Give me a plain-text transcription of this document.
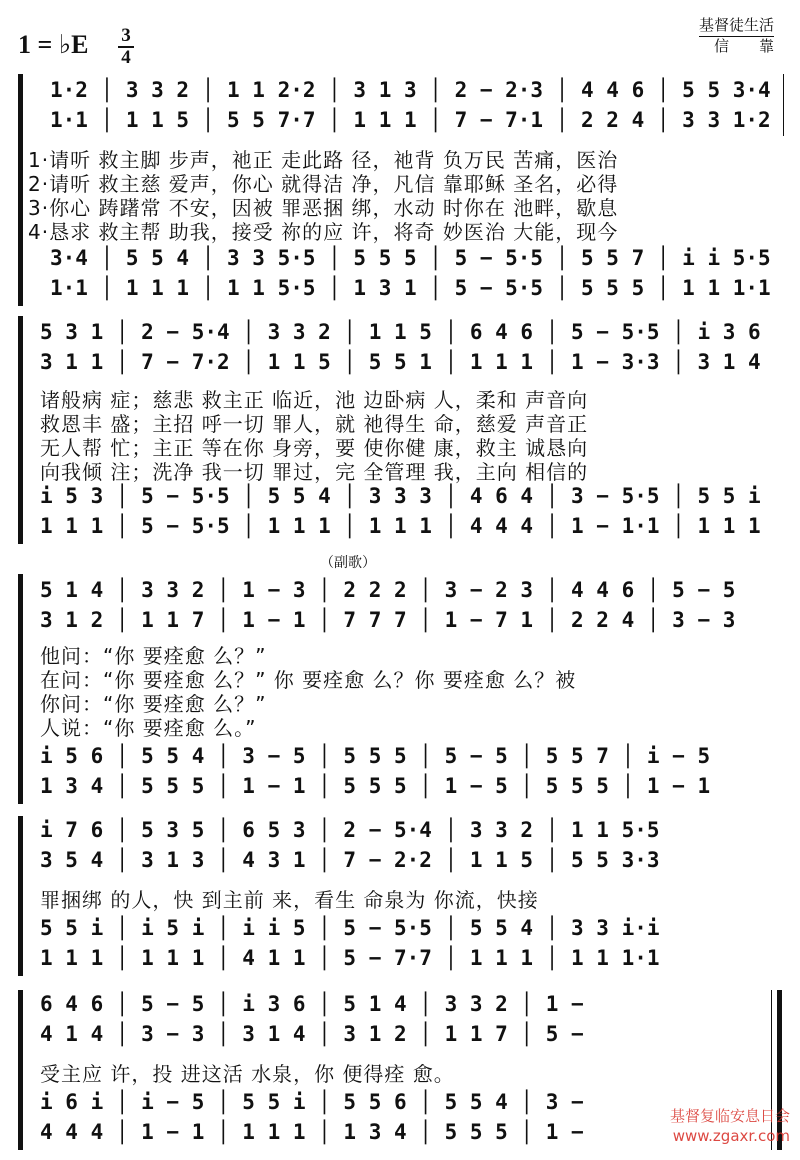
1 = ♭E 3
4
基督徒生活
信　　靠
1·2 │ 3 3 2 │ 1 1 2·2 │ 3 1 3 │ 2 − 2·3 │ 4 4 6 │ 5 5 3·4
1·1 │ 1 1 5 │ 5 5 7·7 │ 1 1 1 │ 7 − 7·1 │ 2 2 4 │ 3 3 1·2
1·请听 救主脚 步声，祂正 走此路 径，祂背 负万民 苦痛，医治
2·请听 救主慈 爱声，你心 就得洁 净，凡信 靠耶稣 圣名，必得
3·你心 踌躇常 不安，因被 罪恶捆 绑，水动 时你在 池畔，歇息
4·恳求 救主帮 助我，接受 祢的应 许，将奇 妙医治 大能，现今
3·4 │ 5 5 4 │ 3 3 5·5 │ 5 5 5 │ 5 − 5·5 │ 5 5 7 │ i i 5·5
1·1 │ 1 1 1 │ 1 1 5·5 │ 1 3 1 │ 5 − 5·5 │ 5 5 5 │ 1 1 1·1
5 3 1 │ 2 − 5·4 │ 3 3 2 │ 1 1 5 │ 6 4 6 │ 5 − 5·5 │ i 3 6
3 1 1 │ 7 − 7·2 │ 1 1 5 │ 5 5 1 │ 1 1 1 │ 1 − 3·3 │ 3 1 4
诸般病 症；慈悲 救主正 临近，池 边卧病 人，柔和 声音向
救恩丰 盛；主招 呼一切 罪人，就 祂得生 命，慈爱 声音正
无人帮 忙；主正 等在你 身旁，要 使你健 康，救主 诚恳向
向我倾 注；洗净 我一切 罪过，完 全管理 我，主向 相信的
i 5 3 │ 5 − 5·5 │ 5 5 4 │ 3 3 3 │ 4 6 4 │ 3 − 5·5 │ 5 5 i
1 1 1 │ 5 − 5·5 │ 1 1 1 │ 1 1 1 │ 4 4 4 │ 1 − 1·1 │ 1 1 1
（副歌）
5 1 4 │ 3 3 2 │ 1 − 3 │ 2 2 2 │ 3 − 2 3 │ 4 4 6 │ 5 − 5
3 1 2 │ 1 1 7 │ 1 − 1 │ 7 7 7 │ 1 − 7 1 │ 2 2 4 │ 3 − 3
他问：“你 要痊愈 么？”
在问：“你 要痊愈 么？” 你 要痊愈 么？你 要痊愈 么？被
你问：“你 要痊愈 么？”
人说：“你 要痊愈 么。”
i 5 6 │ 5 5 4 │ 3 − 5 │ 5 5 5 │ 5 − 5 │ 5 5 7 │ i − 5
1 3 4 │ 5 5 5 │ 1 − 1 │ 5 5 5 │ 1 − 5 │ 5 5 5 │ 1 − 1
i 7 6 │ 5 3 5 │ 6 5 3 │ 2 − 5·4 │ 3 3 2 │ 1 1 5·5
3 5 4 │ 3 1 3 │ 4 3 1 │ 7 − 2·2 │ 1 1 5 │ 5 5 3·3
罪捆绑 的人，快 到主前 来，看生 命泉为 你流，快接
5 5 i │ i 5 i │ i i 5 │ 5 − 5·5 │ 5 5 4 │ 3 3 i·i
1 1 1 │ 1 1 1 │ 4 1 1 │ 5 − 7·7 │ 1 1 1 │ 1 1 1·1
6 4 6 │ 5 − 5 │ i 3 6 │ 5 1 4 │ 3 3 2 │ 1 −
4 1 4 │ 3 − 3 │ 3 1 4 │ 3 1 2 │ 1 1 7 │ 5 −
受主应 许，投 进这活 水泉，你 便得痊 愈。
i 6 i │ i − 5 │ 5 5 i │ 5 5 6 │ 5 5 4 │ 3 −
4 4 4 │ 1 − 1 │ 1 1 1 │ 1 3 4 │ 5 5 5 │ 1 −
基督复临安息日会
www.zgaxr.com
